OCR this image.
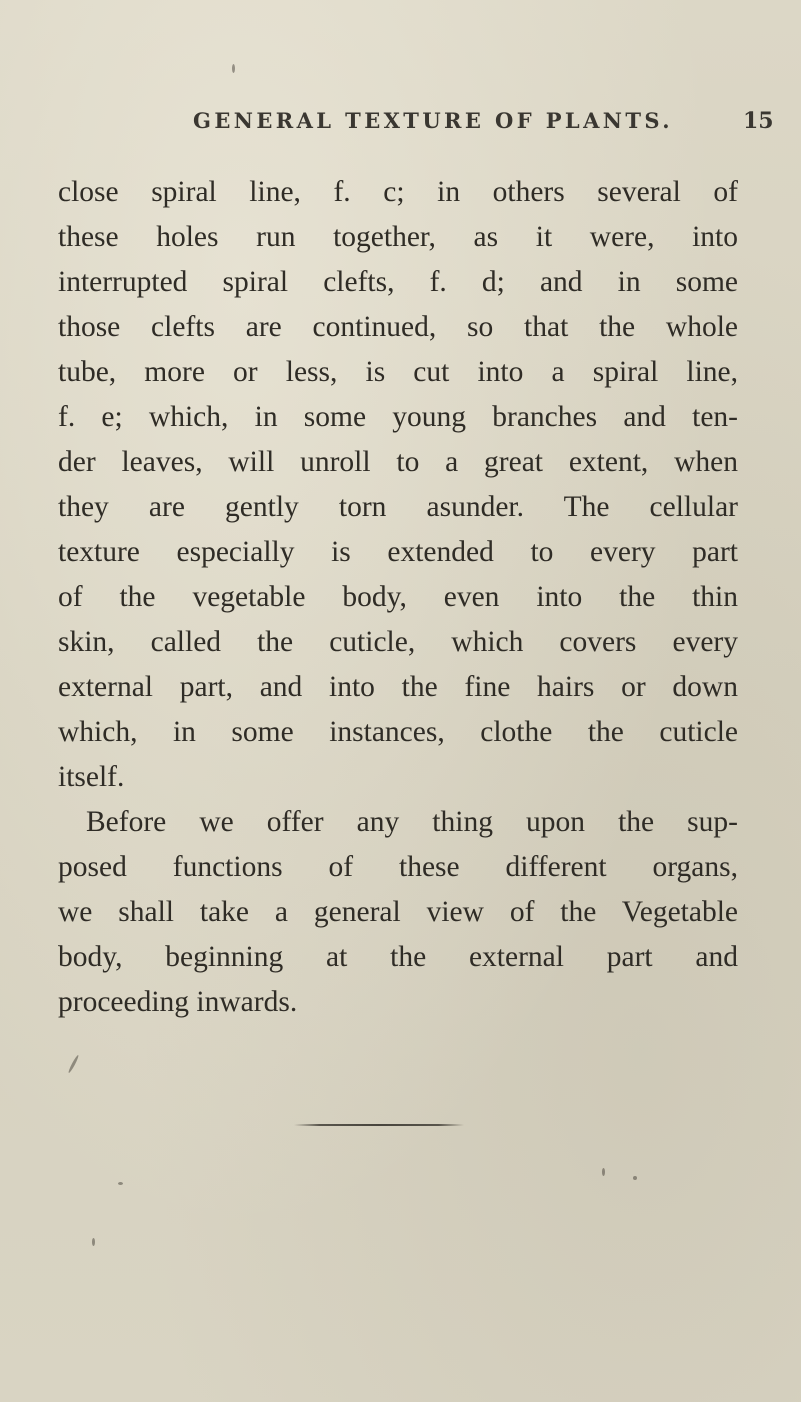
GENERAL TEXTURE OF PLANTS.	15
close spiral line, f. c; in others several of
these holes run together, as it were, into
interrupted spiral clefts, f. d; and in some
those clefts are continued, so that the whole
tube, more or less, is cut into a spiral line,
f. e; which, in some young branches and ten-
der leaves, will unroll to a great extent, when
they are gently torn asunder. The cellular
texture especially is extended to every part
of the vegetable body, even into the thin
skin, called the cuticle, which covers every
external part, and into the fine hairs or down
which, in some instances, clothe the cuticle
itself.
Before we offer any thing upon the sup-
posed functions of these different organs,
we shall take a general view of the Vegetable
body, beginning at the external part and
proceeding inwards.
